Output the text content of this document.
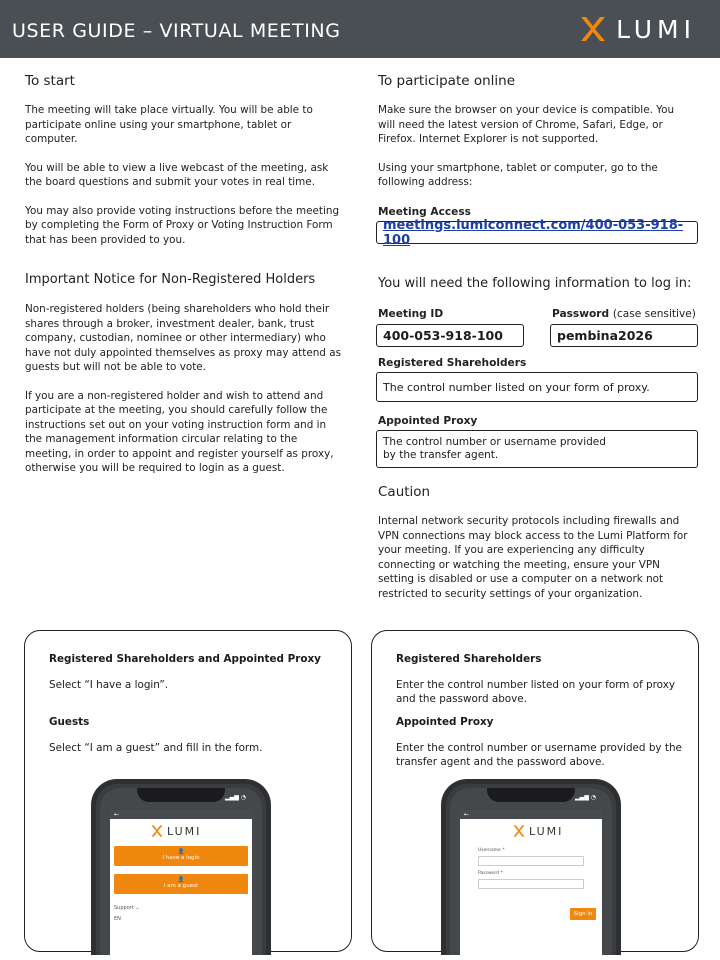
USER GUIDE – VIRTUAL MEETING	LUMI
To start

The meeting will take place virtually. You will be able to participate online using your smartphone, tablet or computer.

You will be able to view a live webcast of the meeting, ask the board questions and submit your votes in real time.

You may also provide voting instructions before the meeting by completing the Form of Proxy or Voting Instruction Form that has been provided to you.

Important Notice for Non-Registered Holders

Non-registered holders (being shareholders who hold their shares through a broker, investment dealer, bank, trust company, custodian, nominee or other intermediary) who have not duly appointed themselves as proxy may attend as guests but will not be able to vote.

If you are a non-registered holder and wish to attend and participate at the meeting, you should carefully follow the instructions set out on your voting instruction form and in the management information circular relating to the meeting, in order to appoint and register yourself as proxy, otherwise you will be required to login as a guest.

To participate online

Make sure the browser on your device is compatible. You will need the latest version of Chrome, Safari, Edge, or Firefox. Internet Explorer is not supported.

Using your smartphone, tablet or computer, go to the following address:

Meeting Access
meetings.lumiconnect.com/400-053-918-100
You will need the following information to log in:
Meeting ID
400-053-918-100
Password (case sensitive)
pembina2026
Registered Shareholders
The control number listed on your form of proxy.
Appointed Proxy
The control number or username provided by the transfer agent.
Caution
Internal network security protocols including firewalls and VPN connections may block access to the Lumi Platform for your meeting. If you are experiencing any difficulty connecting or watching the meeting, ensure your VPN setting is disabled or use a computer on a network not restricted to security settings of your organization.
Registered Shareholders and Appointed Proxy
Select “I have a login”.
Guests
Select “I am a guest” and fill in the form.
▂▄▆ ◔
←
LUMI
👤
I have a login
👤
I am a guest
Support ⌄
EN
Registered Shareholders
Enter the control number listed on your form of proxy and the password above.
Appointed Proxy
Enter the control number or username provided by the transfer agent and the password above.
▂▄▆ ◔
←
LUMI
Username *
Password *
Sign in
